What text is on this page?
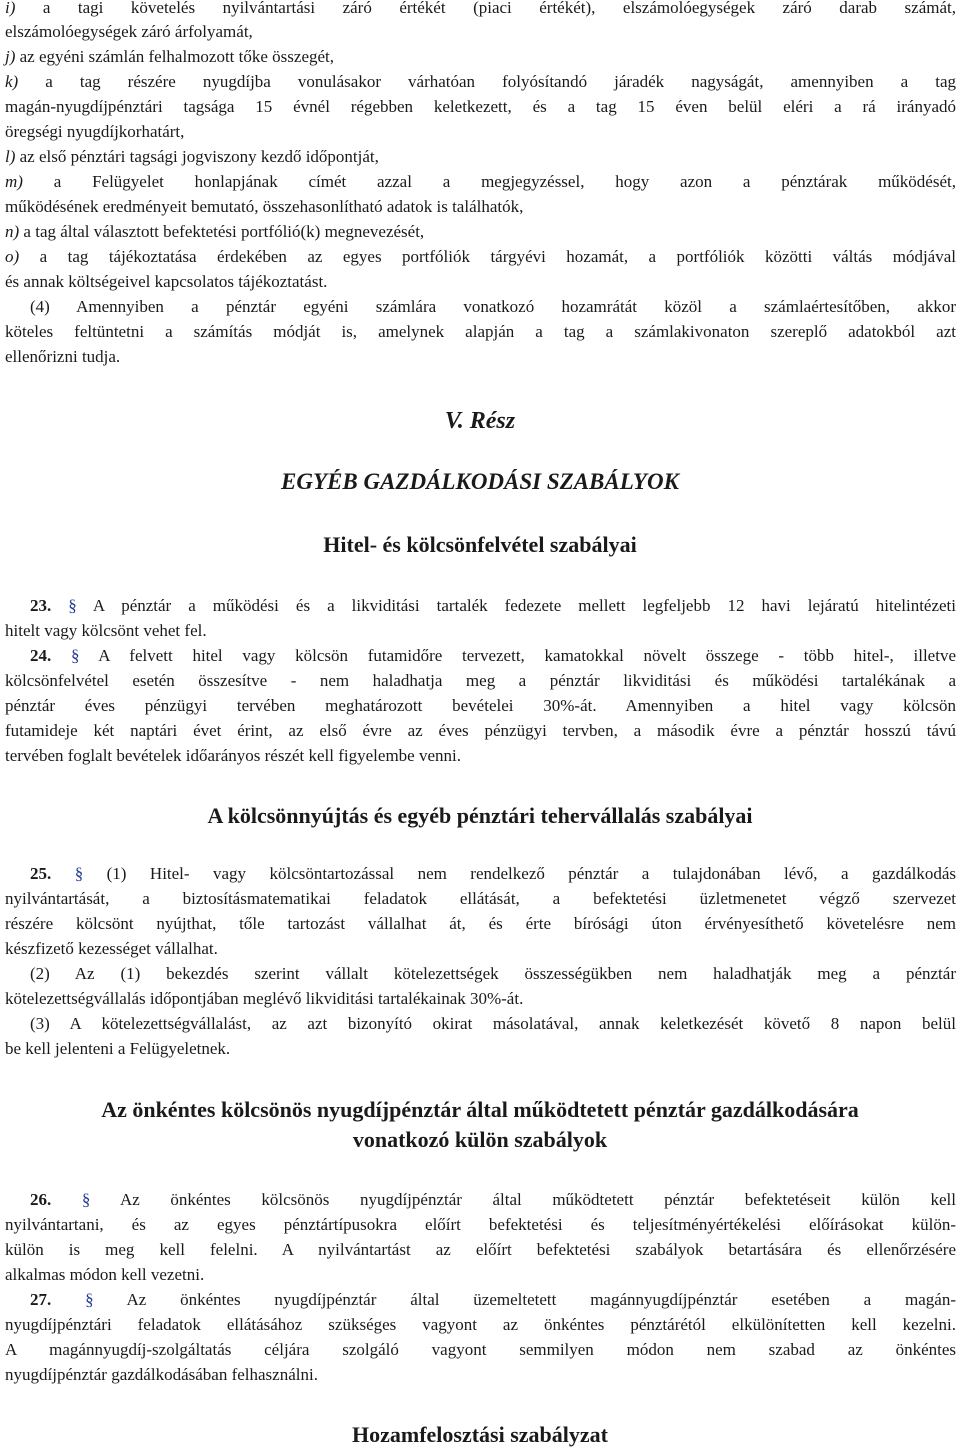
i) a tagi követelés nyilvántartási záró értékét (piaci értékét), elszámolóegységek záró darab számát,

elszámolóegységek záró árfolyamát,

j) az egyéni számlán felhalmozott tőke összegét,

k) a tag részére nyugdíjba vonulásakor várhatóan folyósítandó járadék nagyságát, amennyiben a tag

magán-nyugdíjpénztári tagsága 15 évnél régebben keletkezett, és a tag 15 éven belül eléri a rá irányadó

öregségi nyugdíjkorhatárt,

l) az első pénztári tagsági jogviszony kezdő időpontját,

m) a Felügyelet honlapjának címét azzal a megjegyzéssel, hogy azon a pénztárak működését,

működésének eredményeit bemutató, összehasonlítható adatok is találhatók,

n) a tag által választott befektetési portfólió(k) megnevezését,

o) a tag tájékoztatása érdekében az egyes portfóliók tárgyévi hozamát, a portfóliók közötti váltás módjával

és annak költségeivel kapcsolatos tájékoztatást.

(4) Amennyiben a pénztár egyéni számlára vonatkozó hozamrátát közöl a számlaértesítőben, akkor

köteles feltüntetni a számítás módját is, amelynek alapján a tag a számlakivonaton szereplő adatokból azt

ellenőrizni tudja.

V. Rész
EGYÉB GAZDÁLKODÁSI SZABÁLYOK
Hitel- és kölcsönfelvétel szabályai

23. § A pénztár a működési és a likviditási tartalék fedezete mellett legfeljebb 12 havi lejáratú hitelintézeti

hitelt vagy kölcsönt vehet fel.

24. § A felvett hitel vagy kölcsön futamidőre tervezett, kamatokkal növelt összege - több hitel-, illetve

kölcsönfelvétel esetén összesítve - nem haladhatja meg a pénztár likviditási és működési tartalékának a

pénztár éves pénzügyi tervében meghatározott bevételei 30%-át. Amennyiben a hitel vagy kölcsön

futamideje két naptári évet érint, az első évre az éves pénzügyi tervben, a második évre a pénztár hosszú távú

tervében foglalt bevételek időarányos részét kell figyelembe venni.

A kölcsönnyújtás és egyéb pénztári tehervállalás szabályai

25. § (1) Hitel- vagy kölcsöntartozással nem rendelkező pénztár a tulajdonában lévő, a gazdálkodás

nyilvántartását, a biztosításmatematikai feladatok ellátását, a befektetési üzletmenetet végző szervezet

részére kölcsönt nyújthat, tőle tartozást vállalhat át, és érte bírósági úton érvényesíthető követelésre nem

készfizető kezességet vállalhat.

(2) Az (1) bekezdés szerint vállalt kötelezettségek összességükben nem haladhatják meg a pénztár

kötelezettségvállalás időpontjában meglévő likviditási tartalékainak 30%-át.

(3) A kötelezettségvállalást, az azt bizonyító okirat másolatával, annak keletkezését követő 8 napon belül

be kell jelenteni a Felügyeletnek.

Az önkéntes kölcsönös nyugdíjpénztár által működtetett pénztár gazdálkodására
vonatkozó külön szabályok

26. § Az önkéntes kölcsönös nyugdíjpénztár által működtetett pénztár befektetéseit külön kell

nyilvántartani, és az egyes pénztártípusokra előírt befektetési és teljesítményértékelési előírásokat külön-

külön is meg kell felelni. A nyilvántartást az előírt befektetési szabályok betartására és ellenőrzésére

alkalmas módon kell vezetni.

27. § Az önkéntes nyugdíjpénztár által üzemeltetett magánnyugdíjpénztár esetében a magán-

nyugdíjpénztári feladatok ellátásához szükséges vagyont az önkéntes pénztárétól elkülönítetten kell kezelni.

A magánnyugdíj-szolgáltatás céljára szolgáló vagyont semmilyen módon nem szabad az önkéntes

nyugdíjpénztár gazdálkodásában felhasználni.

Hozamfelosztási szabályzat
